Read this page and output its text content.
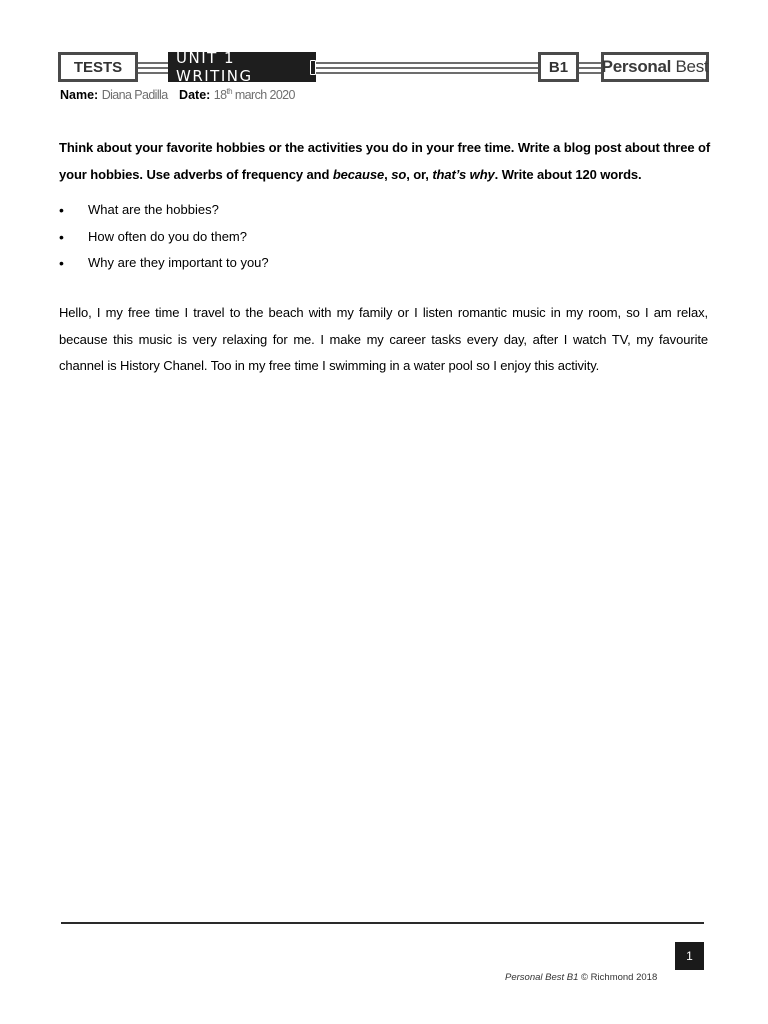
TESTS	UNIT 1 WRITING	B1 Personal
Best
Name: Diana Padilla Date: 18th march 2020
Think about your favorite hobbies or the activities you do in your free time. Write a blog post about three of your hobbies. Use adverbs of frequency and because, so, or, that’s why. Write about 120 words.
• What are the hobbies?
• How often do you do them?
• Why are they important to you?
Hello, I my free time I travel to the beach with my family or I listen romantic music in my room, so I am relax, because this music is very relaxing for me. I make my career tasks every day, after I watch TV, my favourite channel is History Chanel. Too in my free time I swimming in a water pool so I enjoy this activity.
1
Personal Best B1 © Richmond 2018
